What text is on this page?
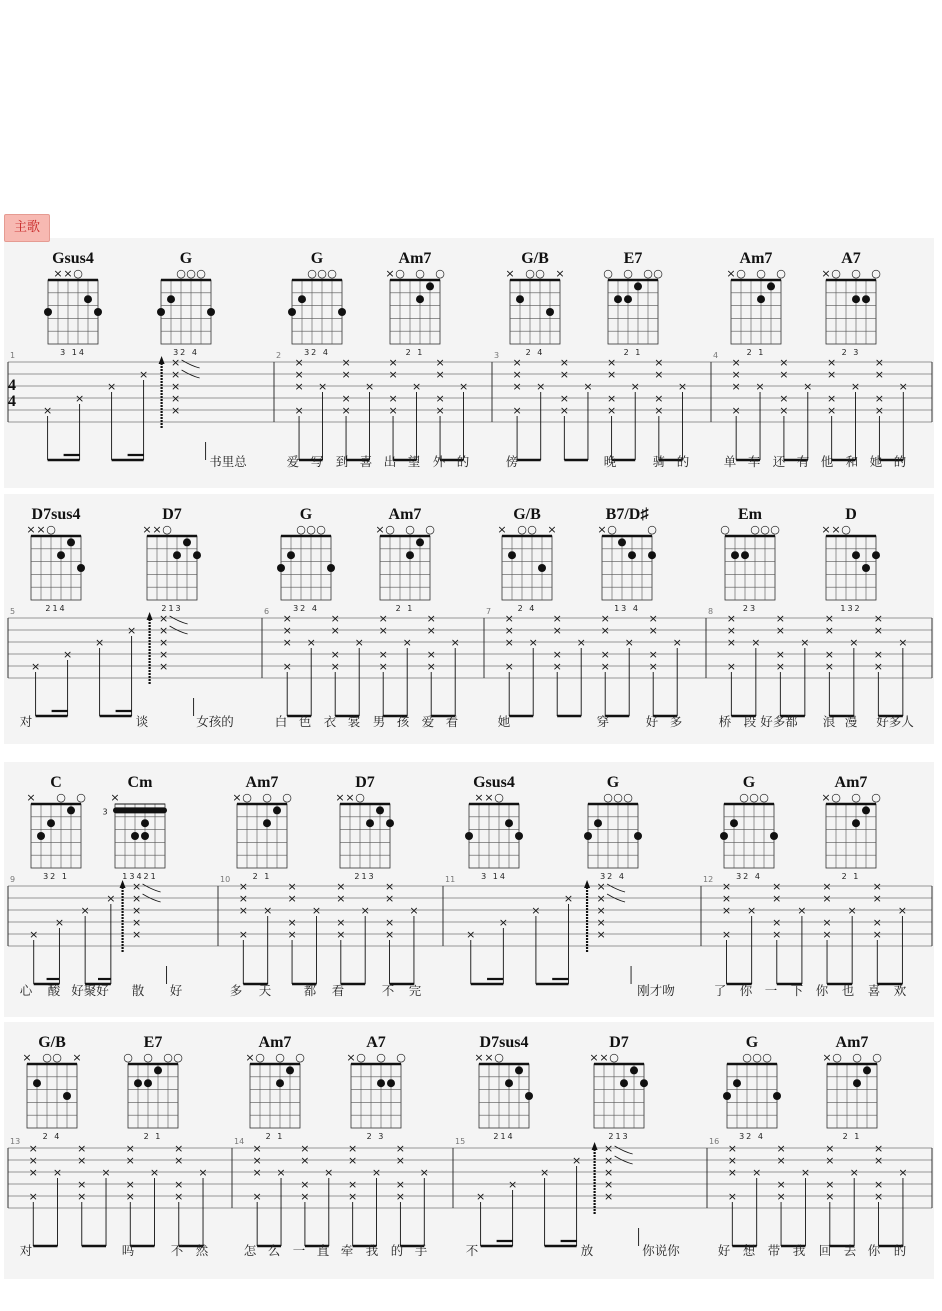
主歌
Gsus4
× × ○
3 14
G
○ ○ ○
32 4
G
○ ○ ○
32 4
Am7
× ○ ○ ○
2 1
G/B
× ○ ○ ×
2 4
E7
○ ○ ○ ○
2 1
Am7
× ○ ○ ○
2 1
A7
× ○ ○ ○
2 3
1	2	3	4
4
4
×
×
×
×
×
×
×
×
×
×
×
×
×
×
×
×
×
×
×
×
×
×
×
×
×
×
×
×
×
×
×
×
×
×
×
×
×
×
×
×
×
×
×
×
×
×
×
×
×
×
×
×
×
×
×
×
×
×
×
×
×
×
×
×
×
×
×
×
×
书里总	爱 写 到 喜 出 望 外 的	傍	晚	骑 的	单 车 还 有 他 和 她 的
D7sus4
× × ○
214
D7
× × ○
213
G
○ ○ ○
32 4
Am7
× ○ ○ ○
2 1
G/B
× ○ ○ ×
2 4
B7/D♯
× ○	○
13 4
Em
○ ○ ○ ○
23
D
× × ○
132
5	6	7	8
×
×
×
×
×
×
×
×
×
×
×
×
×
×
×
×
×
×
×
×
×
×
×
×
×
×
×
×
×
×
×
×
×
×
×
×
×
×
×
×
×
×
×
×
×
×
×
×
×
×
×
×
×
×
×
×
×
×
×
×
×
×
×
×
×
×
×
×
×
对	谈	女孩的	白 色 衣 裳 男 孩 爱 看	她	穿	好 多	桥 段 好多都 浪 漫 好多人
C
× ○ ○
32 1
Cm
×
3
13421
Am7
× ○ ○ ○
2 1
D7
× × ○
213
Gsus4
× × ○
3 14
G
○ ○ ○
32 4
G
○ ○ ○
32 4
Am7
× ○ ○ ○
2 1
9	10	11	12
×
×
×
×
×
×
×
×
×
×
×
×
×
×
×
×
×
×
×
×
×
×
×
×
×
×
×
×
×
×
×
×
×
×
×
×
×
×
×
×
×
×
×
×
×
×
×
×
×
×
×
×
×
×
×
×
×
×
心 酸 好聚好 散 好	多 天	都 看	不 完	刚才吻	了 你 一 下 你 也 喜 欢
G/B
× ○ ○ ×
2 4
E7
○ ○ ○ ○
2 1
Am7
× ○ ○ ○
2 1
A7
× ○ ○ ○
2 3
D7sus4
× × ○
214
D7
× × ○
213
G
○ ○ ○
32 4
Am7
× ○ ○ ○
2 1
13	14	15	16
×
×
×
×
×
×
×
×
×
×
×
×
×
×
×
×
×
×
×
×
×
×
×
×
×
×
×
×
×
×
×
×
×
×
×
×
×
×
×
×
×
×
×
×
×
×
×
×
×
×
×
×
×
×
×
×
×
×
×
×
×
×
×
×
×
×
×
×
×
对	吗	不 然	怎 么 一 直 牵 我 的 手	不	放	你说你	好 想 带 我 回 去 你 的
